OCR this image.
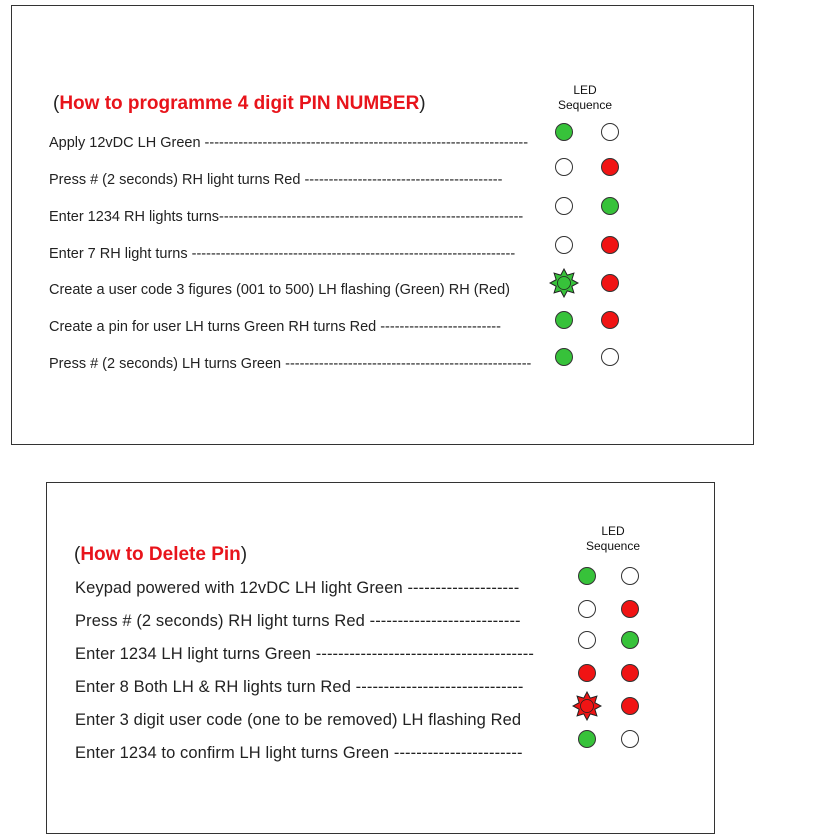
(How to programme 4 digit PIN NUMBER)
LED
Sequence
Apply 12vDC LH Green -------------------------------------------------------------------
Press # (2 seconds) RH light turns Red -----------------------------------------
Enter 1234 RH lights turns---------------------------------------------------------------
Enter 7 RH light turns -------------------------------------------------------------------
Create a user code 3 figures (001 to 500) LH flashing (Green) RH (Red)
Create a pin for user LH turns Green RH turns Red -------------------------
Press # (2 seconds) LH turns Green ---------------------------------------------------
(How to Delete Pin)
LED
Sequence
Keypad powered with 12vDC LH light Green --------------------
Press # (2 seconds) RH light turns Red ---------------------------
Enter 1234 LH light turns Green ---------------------------------------
Enter 8 Both LH & RH lights turn Red ------------------------------
Enter 3 digit user code (one to be removed) LH flashing Red
Enter 1234 to confirm LH light turns Green -----------------------
